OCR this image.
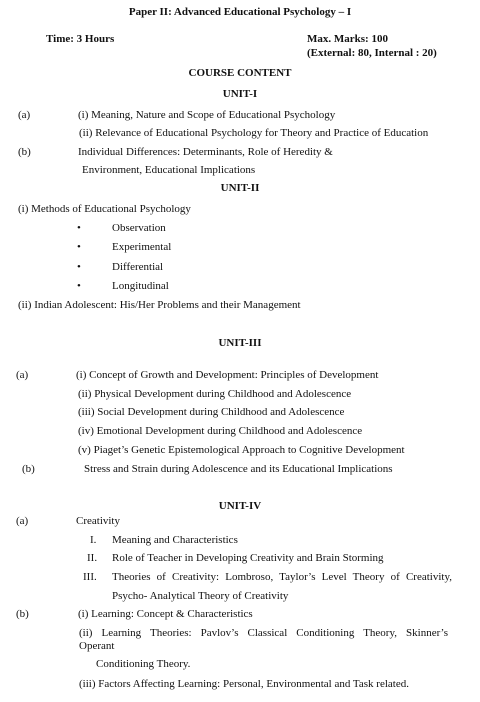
Paper II: Advanced Educational Psychology – I
Time: 3 Hours	Max. Marks: 100
(External: 80, Internal : 20)
COURSE CONTENT
UNIT-I
(a)	(i) Meaning, Nature and Scope of Educational Psychology
(ii) Relevance of Educational Psychology for Theory and Practice of Education
(b)	Individual Differences: Determinants, Role of Heredity &
Environment, Educational Implications
UNIT-II
(i) Methods of Educational Psychology
•	Observation
•	Experimental
•	Differential
•	Longitudinal
(ii) Indian Adolescent: His/Her Problems and their Management
UNIT-III
(a)	(i) Concept of Growth and Development: Principles of Development
(ii) Physical Development during Childhood and Adolescence
(iii) Social Development during Childhood and Adolescence
(iv) Emotional Development during Childhood and Adolescence
(v) Piaget’s Genetic Epistemological Approach to Cognitive Development
(b)	Stress and Strain during Adolescence and its Educational Implications
UNIT-IV
(a)	Creativity
I. Meaning and Characteristics
II. Role of Teacher in Developing Creativity and Brain Storming
III. Theories of Creativity: Lombroso, Taylor’s Level Theory of Creativity,
Psycho- Analytical Theory of Creativity
(b)	(i) Learning: Concept & Characteristics
(ii) Learning Theories: Pavlov’s Classical Conditioning Theory, Skinner’s
Operant
Conditioning Theory.
(iii) Factors Affecting Learning: Personal, Environmental and Task related.
